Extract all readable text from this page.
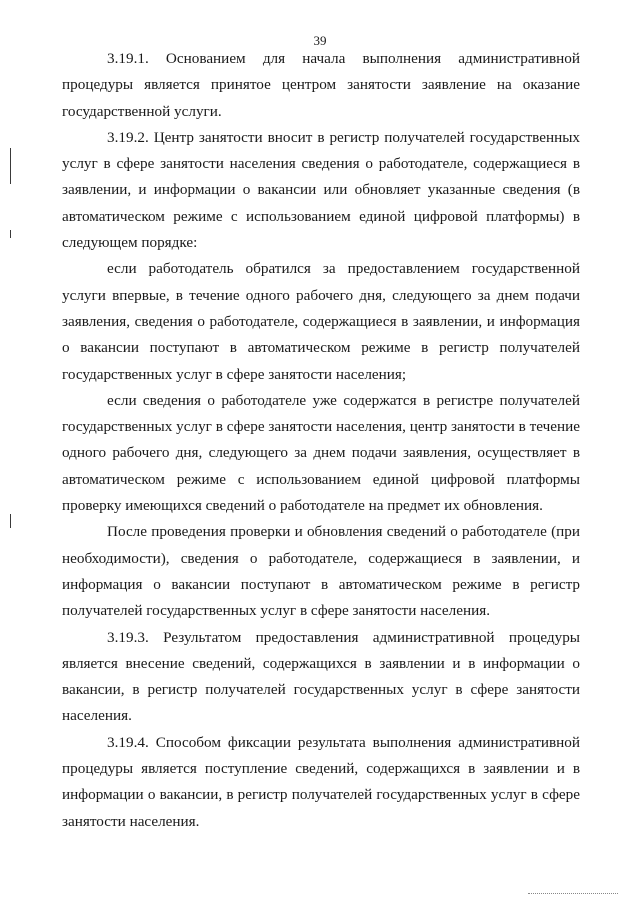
39

3.19.1. Основанием для начала выполнения административной процедуры является принятое центром занятости заявление на оказание государственной услуги.

3.19.2. Центр занятости вносит в регистр получателей государственных услуг в сфере занятости населения сведения о работодателе, содержащиеся в заявлении, и информации о вакансии или обновляет указанные сведения (в автоматическом режиме с использованием единой цифровой платформы) в следующем порядке:

если работодатель обратился за предоставлением государственной услуги впервые, в течение одного рабочего дня, следующего за днем подачи заявления, сведения о работодателе, содержащиеся в заявлении, и информация о вакансии поступают в автоматическом режиме в регистр получателей государственных услуг в сфере занятости населения;

если сведения о работодателе уже содержатся в регистре получателей государственных услуг в сфере занятости населения, центр занятости в течение одного рабочего дня, следующего за днем подачи заявления, осуществляет в автоматическом режиме с использованием единой цифровой платформы проверку имеющихся сведений о работодателе на предмет их обновления.

После проведения проверки и обновления сведений о работодателе (при необходимости), сведения о работодателе, содержащиеся в заявлении, и информация о вакансии поступают в автоматическом режиме в регистр получателей государственных услуг в сфере занятости населения.

3.19.3. Результатом предоставления административной процедуры является внесение сведений, содержащихся в заявлении и в информации о вакансии, в регистр получателей государственных услуг в сфере занятости населения.

3.19.4. Способом фиксации результата выполнения административной процедуры является поступление сведений, содержащихся в заявлении и в информации о вакансии, в регистр получателей государственных услуг в сфере занятости населения.
